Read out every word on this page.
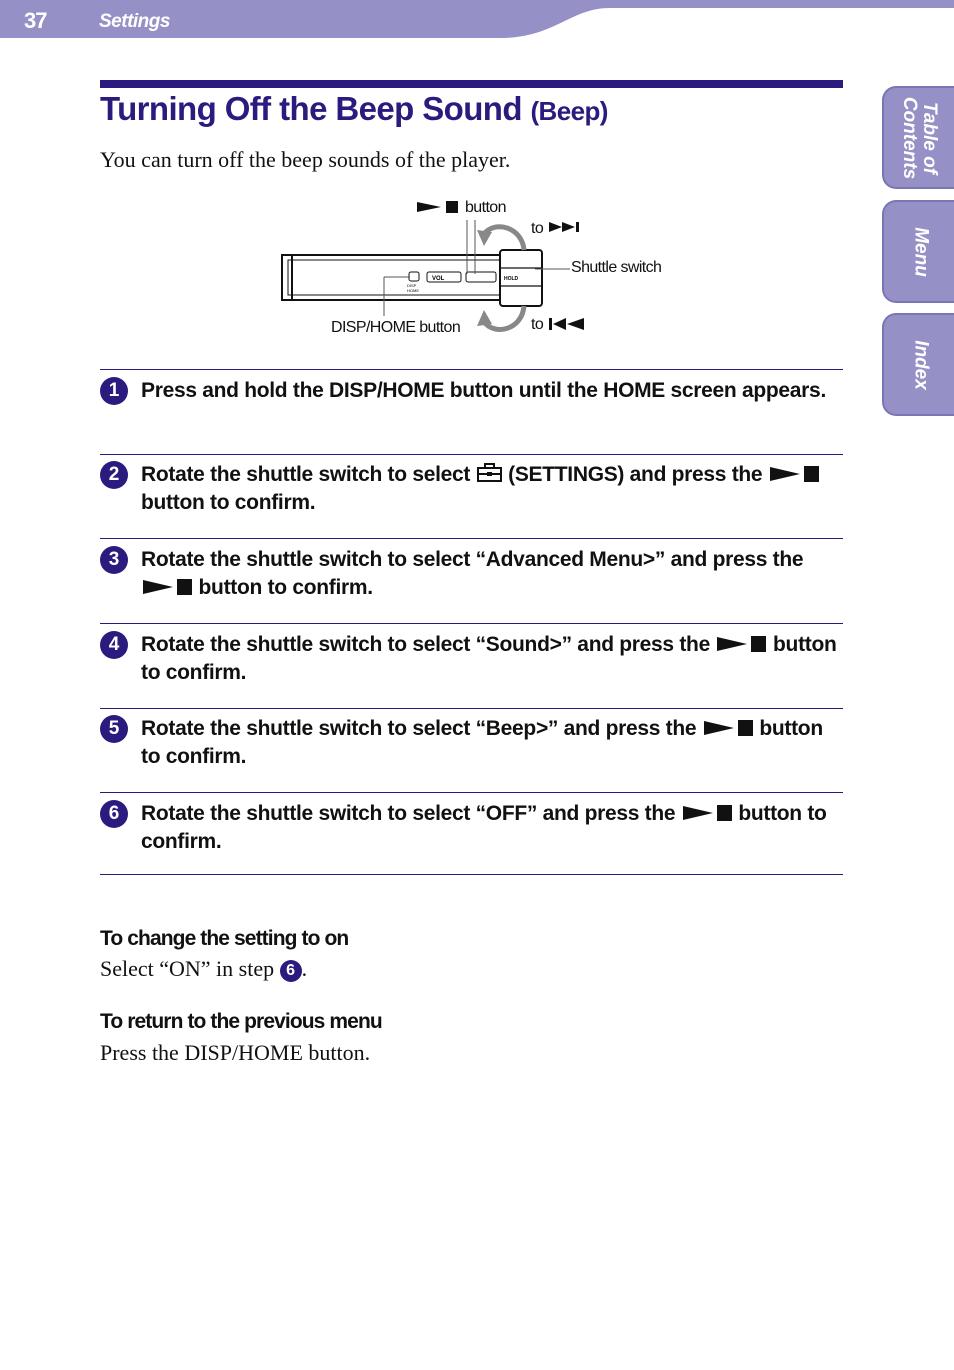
37	Settings
Turning Off the Beep Sound (Beep)
You can turn off the beep sounds of the player.
VOL	HOLD
DISP
HOME
button
to
Shuttle switch
DISP/HOME button	to
Table of
Contents
Menu
Index
1	Press and hold the DISP/HOME button until the HOME screen appears.
2	Rotate the shuttle switch to select  (SETTINGS) and press the  button to confirm.
3	Rotate the shuttle switch to select “Advanced Menu>” and press the  button to confirm.
4	Rotate the shuttle switch to select “Sound>” and press the  button to confirm.
5	Rotate the shuttle switch to select “Beep>” and press the  button to confirm.
6	Rotate the shuttle switch to select “OFF” and press the  button to confirm.
To change the setting to on
Select “ON” in step 6 .
To return to the previous menu
Press the DISP/HOME button.
